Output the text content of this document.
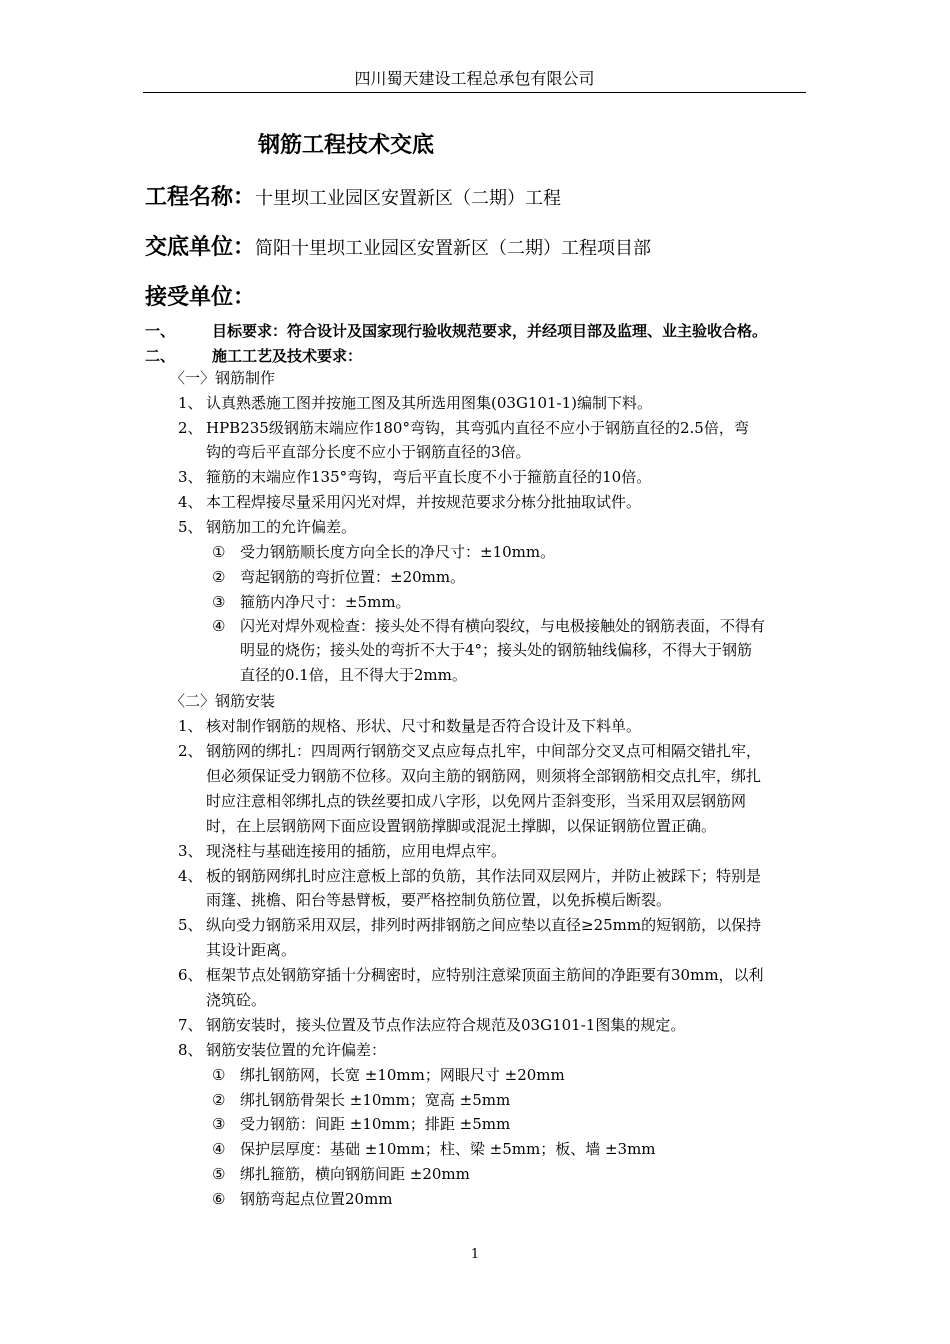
四川蜀天建设工程总承包有限公司
钢筋工程技术交底
工程名称：十里坝工业园区安置新区（二期）工程
交底单位：简阳十里坝工业园区安置新区（二期）工程项目部
接受单位：
一、 目标要求：符合设计及国家现行验收规范要求，并经项目部及监理、业主验收合格。
二、 施工工艺及技术要求：
〈一〉钢筋制作
1、 认真熟悉施工图并按施工图及其所选用图集(03G101-1)编制下料。
2、 HPB235级钢筋末端应作180°弯钩，其弯弧内直径不应小于钢筋直径的2.5倍，弯
钩的弯后平直部分长度不应小于钢筋直径的3倍。
3、 箍筋的末端应作135°弯钩，弯后平直长度不小于箍筋直径的10倍。
4、 本工程焊接尽量采用闪光对焊，并按规范要求分栋分批抽取试件。
5、 钢筋加工的允许偏差。
① 受力钢筋顺长度方向全长的净尺寸：±10mm。
② 弯起钢筋的弯折位置：±20mm。
③ 箍筋内净尺寸：±5mm。
④ 闪光对焊外观检查：接头处不得有横向裂纹，与电极接触处的钢筋表面，不得有
明显的烧伤；接头处的弯折不大于4°；接头处的钢筋轴线偏移，不得大于钢筋
直径的0.1倍，且不得大于2mm。
〈二〉钢筋安装
1、 核对制作钢筋的规格、形状、尺寸和数量是否符合设计及下料单。
2、 钢筋网的绑扎：四周两行钢筋交叉点应每点扎牢，中间部分交叉点可相隔交错扎牢，
但必须保证受力钢筋不位移。双向主筋的钢筋网，则须将全部钢筋相交点扎牢，绑扎
时应注意相邻绑扎点的铁丝要扣成八字形，以免网片歪斜变形，当采用双层钢筋网
时，在上层钢筋网下面应设置钢筋撑脚或混泥土撑脚，以保证钢筋位置正确。
3、 现浇柱与基础连接用的插筋，应用电焊点牢。
4、 板的钢筋网绑扎时应注意板上部的负筋，其作法同双层网片，并防止被踩下；特别是
雨篷、挑檐、阳台等悬臂板，要严格控制负筋位置，以免拆模后断裂。
5、 纵向受力钢筋采用双层，排列时两排钢筋之间应垫以直径≥25mm的短钢筋，以保持
其设计距离。
6、 框架节点处钢筋穿插十分稠密时，应特别注意梁顶面主筋间的净距要有30mm，以利
浇筑砼。
7、 钢筋安装时，接头位置及节点作法应符合规范及03G101-1图集的规定。
8、 钢筋安装位置的允许偏差：
① 绑扎钢筋网，长宽 ±10mm；网眼尺寸 ±20mm
② 绑扎钢筋骨架长 ±10mm；宽高 ±5mm
③ 受力钢筋：间距 ±10mm；排距 ±5mm
④ 保护层厚度：基础 ±10mm；柱、梁 ±5mm；板、墙 ±3mm
⑤ 绑扎箍筋，横向钢筋间距 ±20mm
⑥ 钢筋弯起点位置20mm
1
